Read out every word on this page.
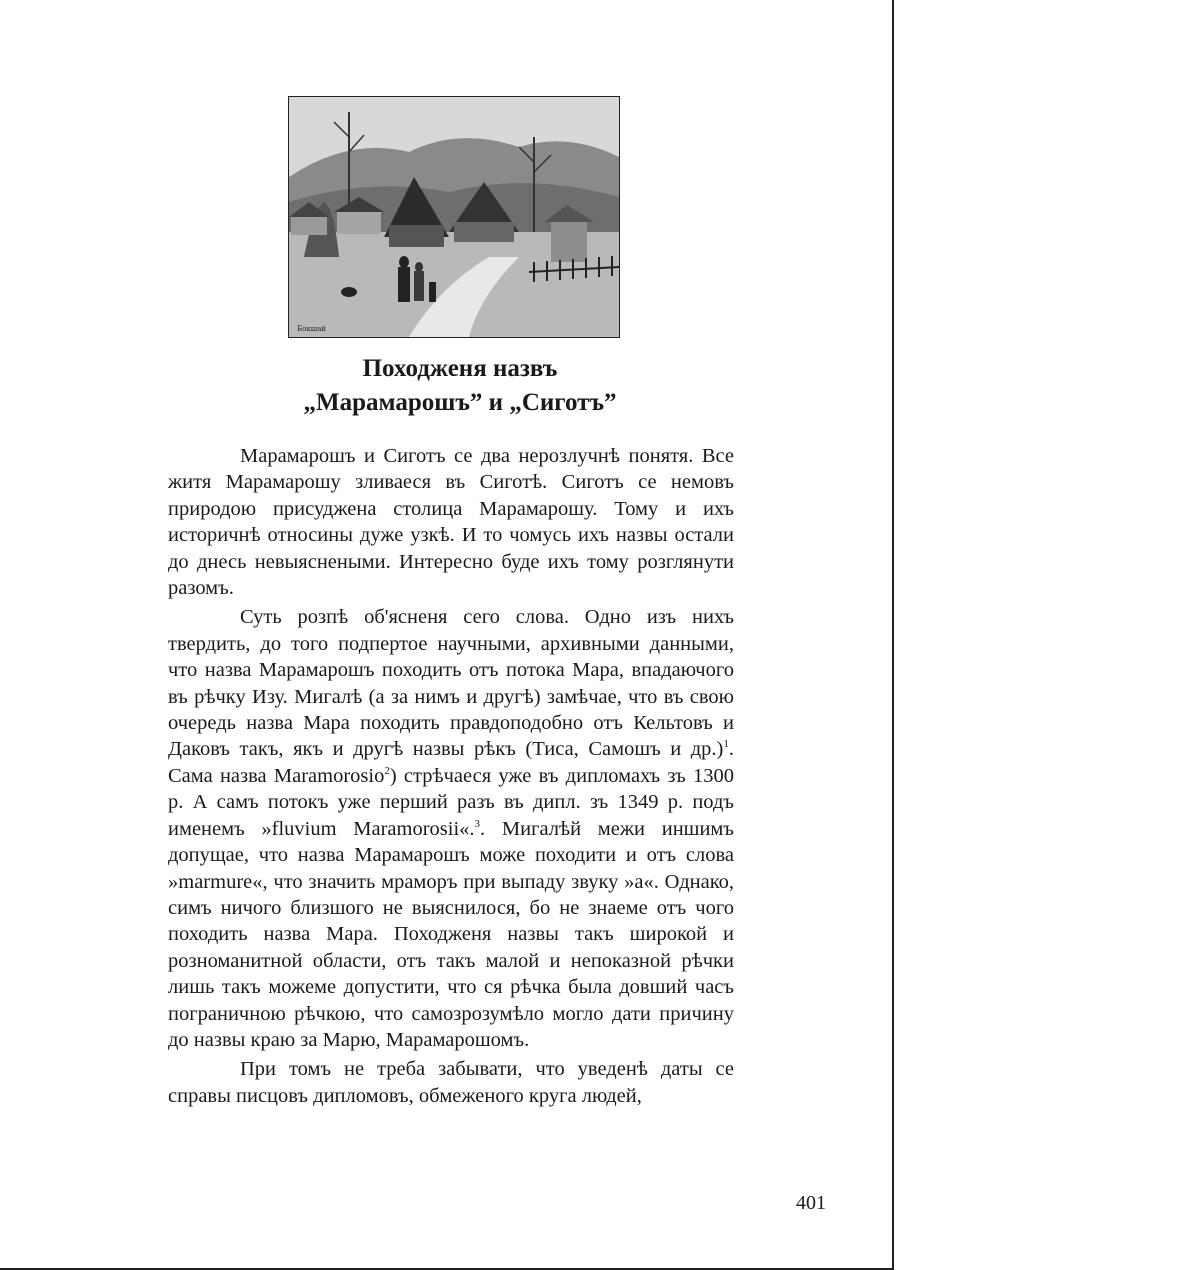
Бокшай
Походженя назвъ
„Марамарошъ” и „Сиготъ”

Марамарошъ и Сиготъ се два нерозлучнѣ понятя. Все житя Марамарошу зливаеся въ Сиготѣ. Сиготъ се немовъ природою присуджена столица Марамарошу. Тому и ихъ историчнѣ относины дуже узкѣ. И то чомусь ихъ назвы остали до днесь невыяснеными. Интересно буде ихъ тому розглянути разомъ.

Суть розпѣ об'ясненя сего слова. Одно изъ нихъ твердить, до того подпертое научными, архивными данными, что назва Марамарошъ походить отъ потока Мара, впадаючого въ рѣчку Изу. Мигалѣ (а за нимъ и другѣ) замѣчае, что въ свою очередь назва Мара походить правдоподобно отъ Кельтовъ и Даковъ такъ, якъ и другѣ назвы рѣкъ (Тиса, Самошъ и др.)$^1$. Сама назва Maramorosio$^2$) стрѣчаеся уже въ дипломахъ зъ 1300 р. А самъ потокъ уже перший разъ въ дипл. зъ 1349 р. подъ именемъ »fluvium Maramorosii«.$^3$. Мигалѣй межи иншимъ допущае, что назва Марамарошъ може походити и отъ слова »marmure«, что значить мраморъ при выпаду звуку »а«. Однако, симъ ничого близшого не выяснилося, бо не знаеме отъ чого походить назва Мара. Походженя назвы такъ широкой и розноманитной области, отъ такъ малой и непоказной рѣчки лишь такъ можеме допустити, что ся рѣчка была довший часъ пограничною рѣчкою, что самозрозумѣло могло дати причину до назвы краю за Марю, Марамарошомъ.

При томъ не треба забывати, что уведенѣ даты се справы писцовъ дипломовъ, обмеженого круга людей,

401
